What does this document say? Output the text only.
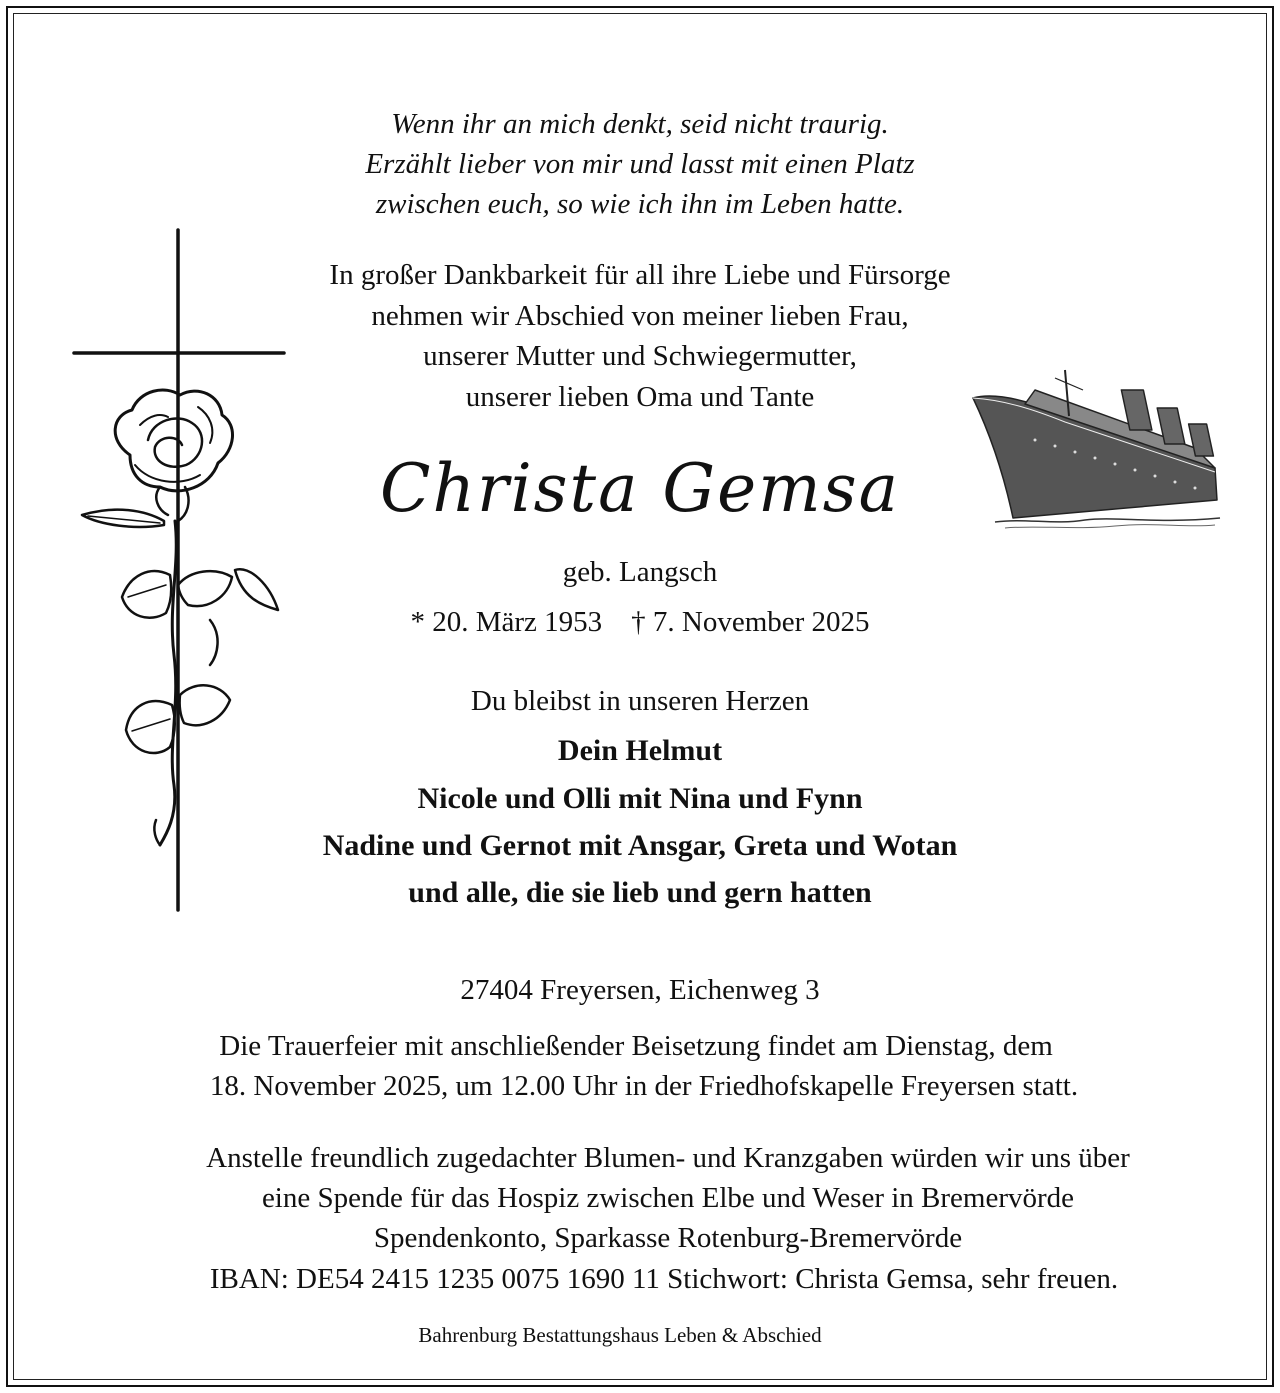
Wenn ihr an mich denkt, seid nicht traurig.
Erzählt lieber von mir und lasst mit einen Platz
zwischen euch, so wie ich ihn im Leben hatte.
In großer Dankbarkeit für all ihre Liebe und Fürsorge
nehmen wir Abschied von meiner lieben Frau,
unserer Mutter und Schwiegermutter,
unserer lieben Oma und Tante
Christa Gemsa
geb. Langsch
* 20. März 1953    † 7. November 2025
Du bleibst in unseren Herzen
Dein Helmut
Nicole und Olli mit Nina und Fynn
Nadine und Gernot mit Ansgar, Greta und Wotan
und alle, die sie lieb und gern hatten
27404 Freyersen, Eichenweg 3
Die Trauerfeier mit anschließender Beisetzung findet am Dienstag, dem
18. November 2025, um 12.00 Uhr in der Friedhofskapelle Freyersen statt.
Anstelle freundlich zugedachter Blumen- und Kranzgaben würden wir uns über
eine Spende für das Hospiz zwischen Elbe und Weser in Bremervörde
Spendenkonto, Sparkasse Rotenburg-Bremervörde
IBAN: DE54 2415 1235 0075 1690 11 Stichwort: Christa Gemsa, sehr freuen.
Bahrenburg Bestattungshaus Leben & Abschied
